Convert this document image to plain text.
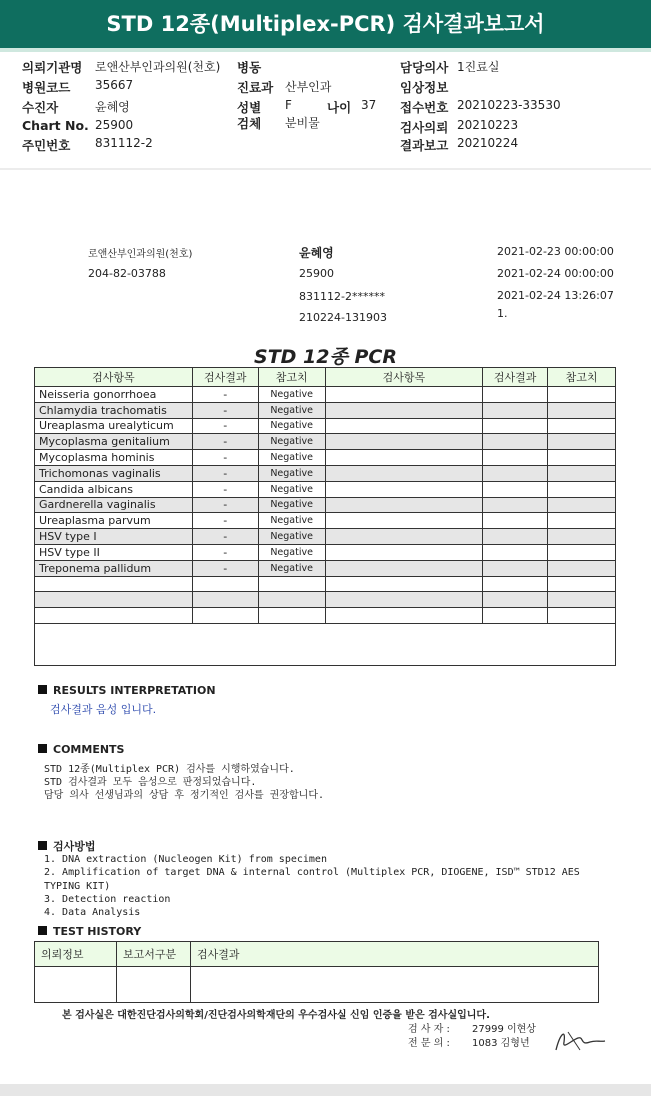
STD 12종(Multiplex-PCR) 검사결과보고서
의뢰기관명 로앤산부인과의원(천호) 병동	담당의사 1진료실
병원코드 35667	진료과 산부인과	임상정보
수진자	윤혜영	성별 F	나이 37 접수번호 20210223-33530
Chart No. 25900	검체 분비물	검사의뢰 20210223
주민번호 831112-2	결과보고 20210224
로앤산부인과의원(천호)
204-82-03788
윤혜영
25900
831112-2******
210224-131903
2021-02-23 00:00:00
2021-02-24 00:00:00
2021-02-24 13:26:07
1.
STD 12종 PCR
검사항목	검사결과	참고치	검사항목	검사결과	참고치
Neisseria gonorrhoea	-	Negative			
Chlamydia trachomatis	-	Negative			
Ureaplasma urealyticum	-	Negative			
Mycoplasma genitalium	-	Negative			
Mycoplasma hominis	-	Negative			
Trichomonas vaginalis	-	Negative			
Candida albicans	-	Negative			
Gardnerella vaginalis	-	Negative			
Ureaplasma parvum	-	Negative			
HSV type I	-	Negative			
HSV type II	-	Negative			
Treponema pallidum	-	Negative			

RESULTS INTERPRETATION
검사결과 음성 입니다.
COMMENTS
STD 12종(Multiplex PCR) 검사를 시행하였습니다.
STD 검사결과 모두 음성으로 판정되었습니다.
담당 의사 선생님과의 상담 후 정기적인 검사를 권장합니다.
검사방법
1. DNA extraction (Nucleogen Kit) from specimen
2. Amplification of target DNA & internal control (Multiplex PCR, DIOGENE, ISD™ STD12 AES
TYPING KIT)
3. Detection reaction
4. Data Analysis
TEST HISTORY
의뢰정보	보고서구분	검사결과

본 검사실은 대한진단검사의학회/진단검사의학재단의 우수검사실 신임 인증을 받은 검사실입니다.
검 사 자 : 27999 이현상
전 문 의 : 1083 김형년
